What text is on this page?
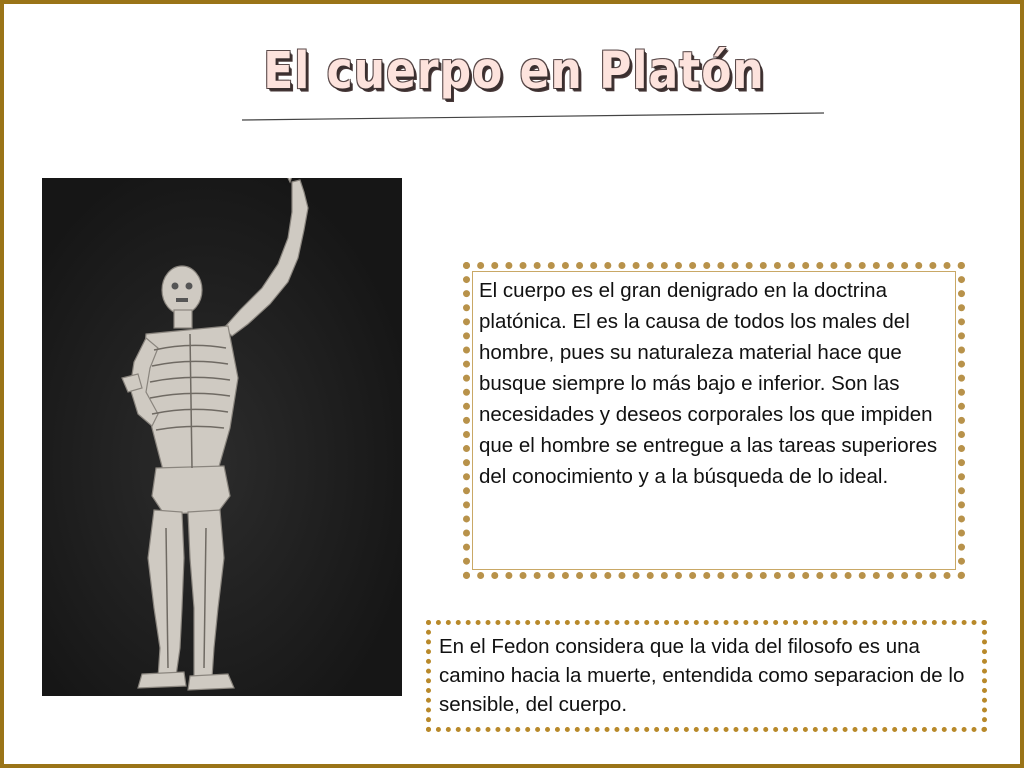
El cuerpo en Platón

El cuerpo es el gran denigrado en la doctrina platónica. El es la causa de todos los males del hombre, pues su naturaleza material hace que busque siempre lo más bajo e inferior. Son las necesidades y deseos corporales los que impiden que el hombre se entregue a las tareas superiores del conocimiento y a la búsqueda de lo ideal.

En el Fedon considera que la vida del filosofo es una camino hacia la muerte, entendida como separacion de lo sensible, del cuerpo.
